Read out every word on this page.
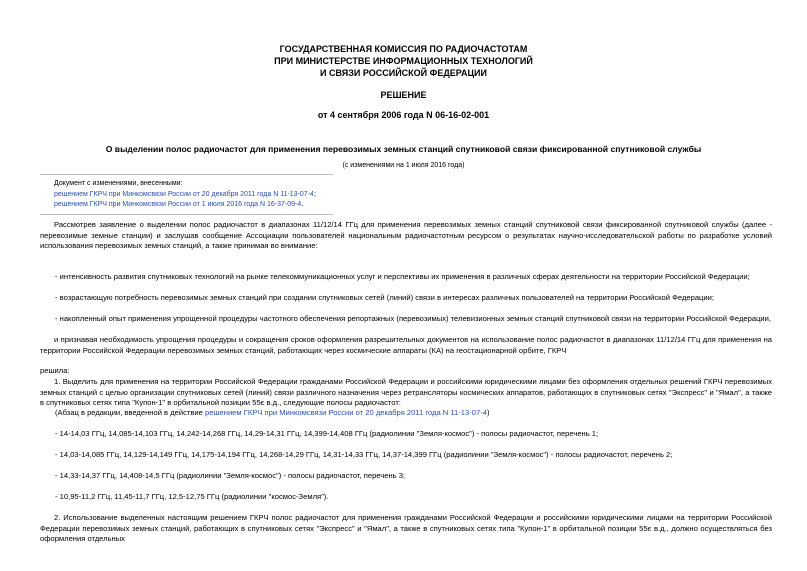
ГОСУДАРСТВЕННАЯ КОМИССИЯ ПО РАДИОЧАСТОТАМ
ПРИ МИНИСТЕРСТВЕ ИНФОРМАЦИОННЫХ ТЕХНОЛОГИЙ
И СВЯЗИ РОССИЙСКОЙ ФЕДЕРАЦИИ
РЕШЕНИЕ
от 4 сентября 2006 года N 06-16-02-001
О выделении полос радиочастот для применения перевозимых земных станций спутниковой связи фиксированной спутниковой службы
(с изменениями на 1 июля 2016 года)
Документ с изменениями, внесенными:
решением ГКРЧ при Минкомсвязи России от 20 декабря 2011 года N 11-13-07-4;
решением ГКРЧ при Минкомсвязи России от 1 июля 2016 года N 16-37-09-4.
Рассмотрев заявление о выделении полос радиочастот в диапазонах 11/12/14 ГГц для применения перевозимых земных станций спутниковой связи фиксированной спутниковой службы (далее - перевозимые земные станции) и заслушав сообщение Ассоциации пользователей национальным радиочастотным ресурсом о результатах научно-исследовательской работы по разработке условий использования перевозимых земных станций, а также принимая во внимание:
- интенсивность развития спутниковых технологий на рынке телекоммуникационных услуг и перспективы их применения в различных сферах деятельности на территории Российской Федерации;
- возрастающую потребность перевозимых земных станций при создании спутниковых сетей (линий) связи в интересах различных пользователей на территории Российской Федерации;
- накопленный опыт применения упрощенной процедуры частотного обеспечения репортажных (перевозимых) телевизионных земных станций спутниковой связи на территории Российской Федерации,
и признавая необходимость упрощения процедуры и сокращения сроков оформления разрешительных документов на использование полос радиочастот в диапазонах 11/12/14 ГГц для применения на территории Российской Федерации перевозимых земных станций, работающих через космические аппараты (КА) на геостационарной орбите, ГКРЧ
решила:
1. Выделить для применения на территории Российской Федерации гражданами Российской Федерации и российскими юридическими лицами без оформления отдельных решений ГКРЧ перевозимых земных станций с целью организации спутниковых сетей (линий) связи различного назначения через ретрансляторы космических аппаратов, работающих в спутниковых сетях "Экспресс" и "Ямал", а также в спутниковых сетях типа "Купон-1" в орбитальной позиции 55є в.д., следующие полосы радиочастот:
(Абзац в редакции, введенной в действие решением ГКРЧ при Минкомсвязи России от 20 декабря 2011 года N 11-13-07-4)
- 14-14,03 ГГц, 14,085-14,103 ГГц, 14,242-14,268 ГГц, 14,29-14,31 ГГц, 14,399-14,408 ГГц (радиолинии "Земля-космос") - полосы радиочастот, перечень 1;
- 14,03-14,085 ГГц, 14,129-14,149 ГГц, 14,175-14,194 ГГц, 14,268-14,29 ГГц, 14,31-14,33 ГГц, 14,37-14,399 ГГц (радиолинии "Земля-космос") - полосы радиочастот, перечень 2;
- 14,33-14,37 ГГц, 14,408-14,5 ГГц (радиолинии "Земля-космос") - полосы радиочастот, перечень 3;
- 10,95-11,2 ГГц, 11,45-11,7 ГГц, 12,5-12,75 ГГц (радиолинии "космос-Земля").
2. Использование выделенных настоящим решением ГКРЧ полос радиочастот для применения гражданами Российской Федерации и российскими юридическими лицами на территории Российской Федерации перевозимых земных станций, работающих в спутниковых сетях "Экспресс" и "Ямал", а также в спутниковых сетях типа "Купон-1" в орбитальной позиции 55є в.д., должно осуществляться без оформления отдельных
